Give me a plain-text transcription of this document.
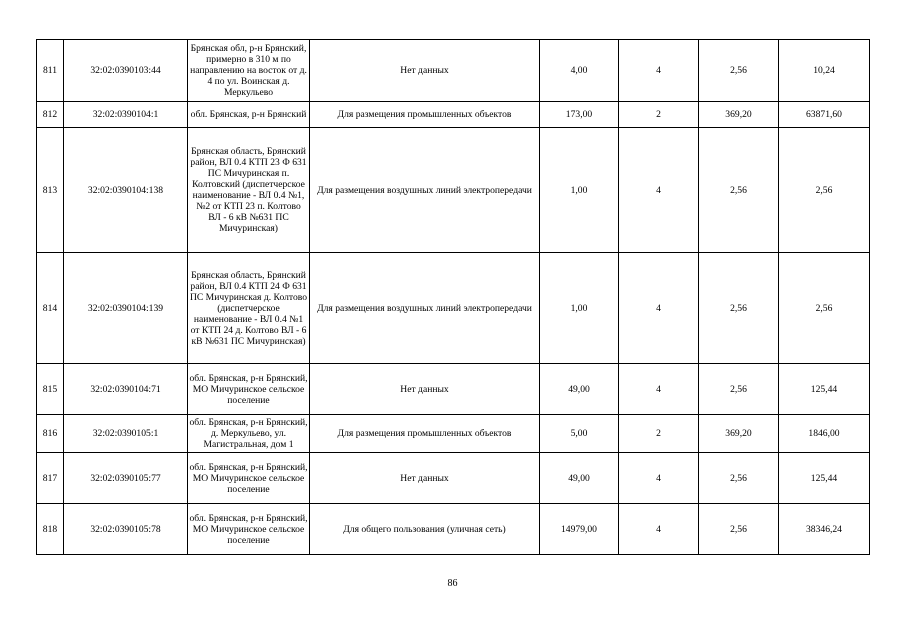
811	32:02:0390103:44	Брянская обл, р-н Брянский, примерно в 310 м по направлению на восток от д. 4 по ул. Воинская д. Меркульево	Нет данных	4,00	4	2,56	10,24
812	32:02:0390104:1	обл. Брянская, р-н Брянский	Для размещения промышленных объектов	173,00	2	369,20	63871,60
813	32:02:0390104:138	Брянская область, Брянский район, ВЛ 0.4 КТП 23 Ф 631 ПС Мичуринская п. Колтовский (диспетчерское наименование - ВЛ 0.4 №1, №2 от КТП 23 п. Колтово ВЛ - 6 кВ №631 ПС Мичуринская)	Для размещения воздушных линий электропередачи	1,00	4	2,56	2,56
814	32:02:0390104:139	Брянская область, Брянский район, ВЛ 0.4 КТП 24 Ф 631 ПС Мичуринская д. Колтово (диспетчерское наименование - ВЛ 0.4 №1 от КТП 24 д. Колтово ВЛ - 6 кВ №631 ПС Мичуринская)	Для размещения воздушных линий электропередачи	1,00	4	2,56	2,56
815	32:02:0390104:71	обл. Брянская, р-н Брянский, МО Мичуринское сельское поселение	Нет данных	49,00	4	2,56	125,44
816	32:02:0390105:1	обл. Брянская, р-н Брянский, д. Меркульево, ул. Магистральная, дом 1	Для размещения промышленных объектов	5,00	2	369,20	1846,00
817	32:02:0390105:77	обл. Брянская, р-н Брянский, МО Мичуринское сельское поселение	Нет данных	49,00	4	2,56	125,44
818	32:02:0390105:78	обл. Брянская, р-н Брянский, МО Мичуринское сельское поселение	Для общего пользования (уличная сеть)	14979,00	4	2,56	38346,24
86
